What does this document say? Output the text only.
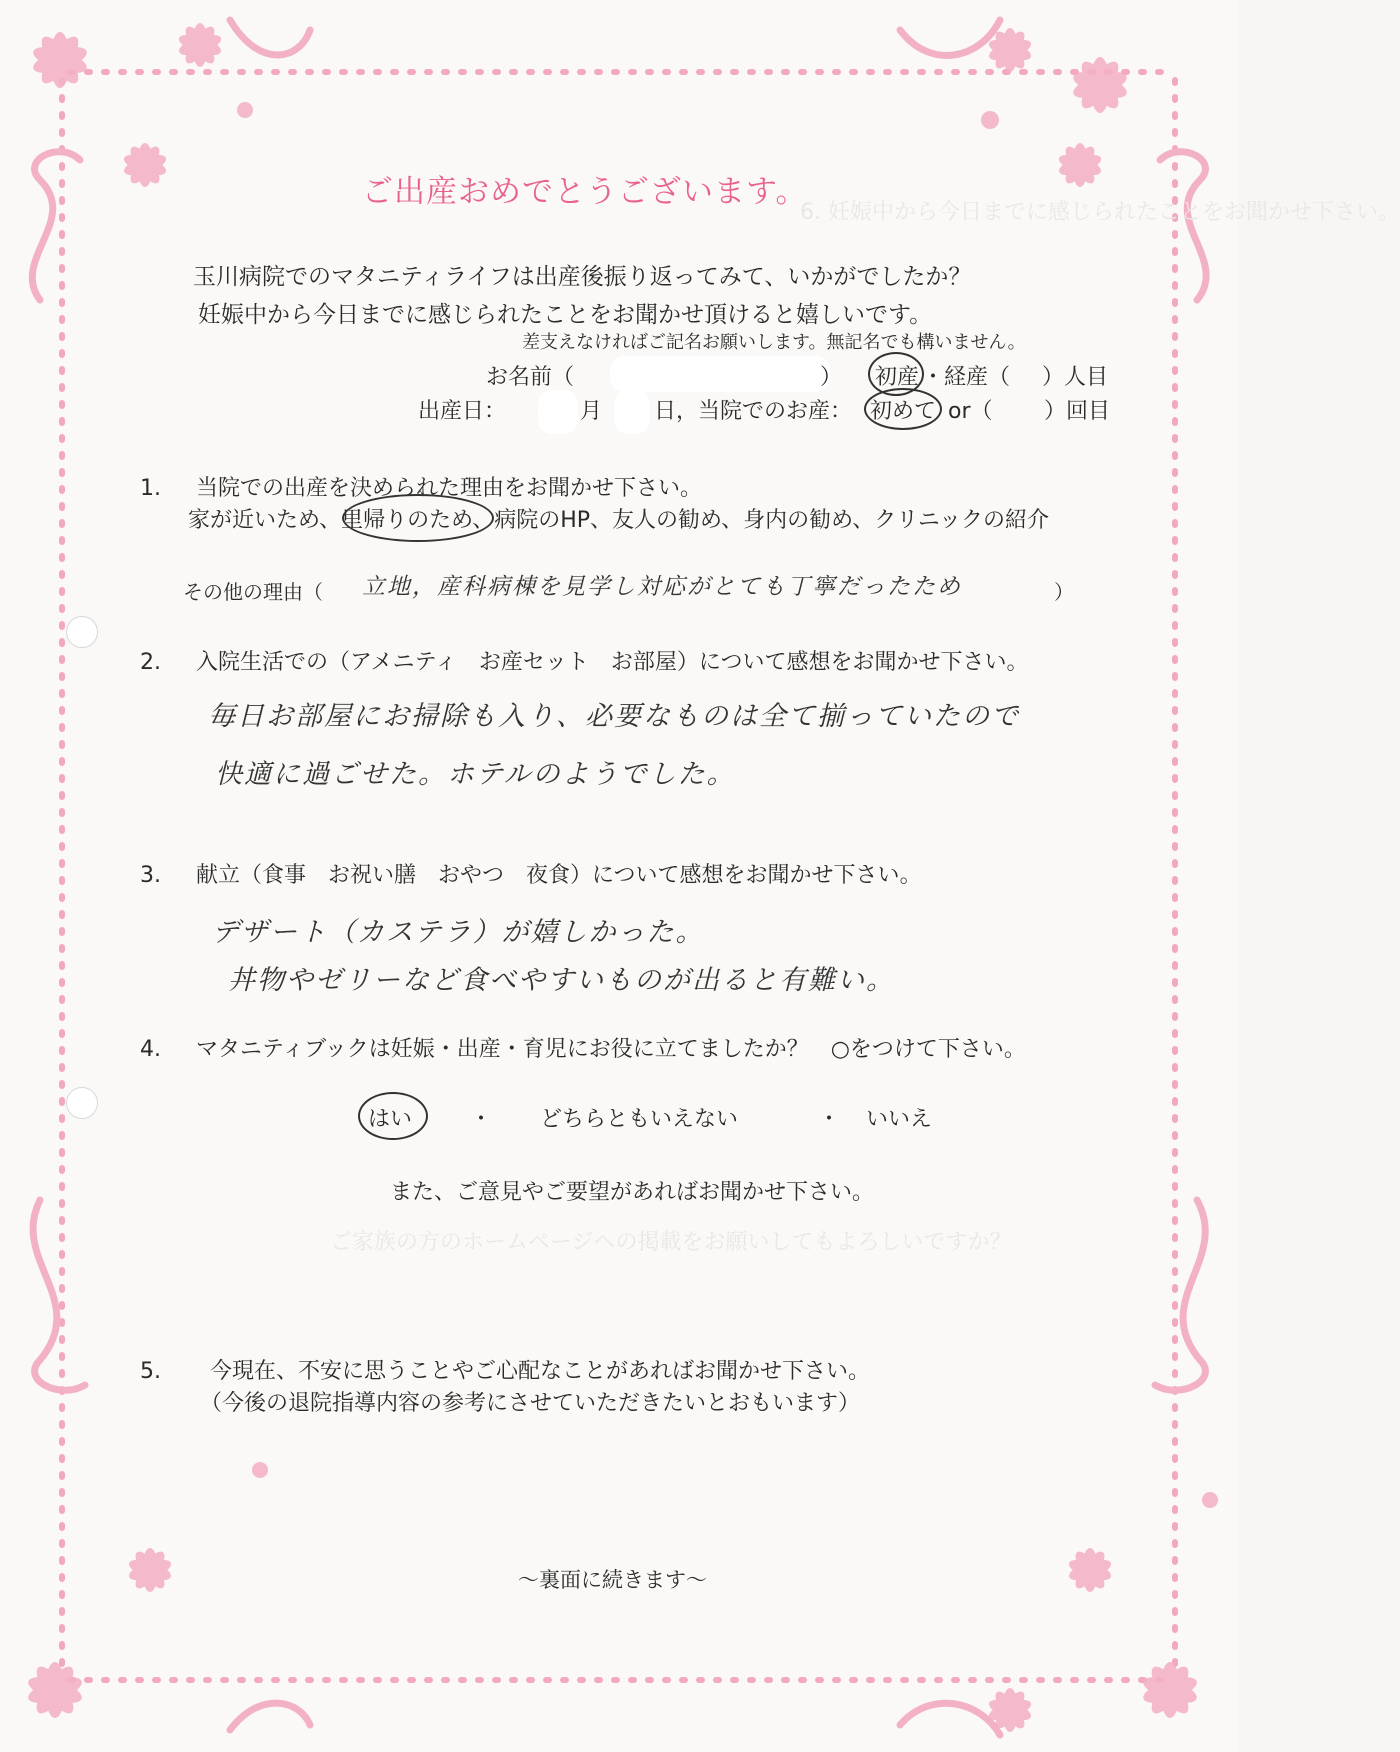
6. 妊娠中から今日までに感じられたことをお聞かせ下さい。
ご家族の方のホームページへの掲載をお願いしてもよろしいですか？
ご出産おめでとうございます。
玉川病院でのマタニティライフは出産後振り返ってみて、いかがでしたか？
妊娠中から今日までに感じられたことをお聞かせ頂けると嬉しいです。
差支えなければご記名お願いします。無記名でも構いません。
お名前（	） 初産 ・経産（ ）人目
出産日：	月 日，当院でのお産： 初めて or（ ）回目
1. 当院での出産を決められた理由をお聞かせ下さい。
家が近いため、里帰りのため、病院のHP、友人の勧め、身内の勧め、クリニックの紹介
その他の理由（ 立地，産科病棟を見学し対応がとても丁寧だったため	）
2. 入院生活での（アメニティ　お産セット　お部屋）について感想をお聞かせ下さい。
毎日お部屋にお掃除も入り、必要なものは全て揃っていたので
快適に過ごせた。ホテルのようでした。
3. 献立（食事　お祝い膳　おやつ　夜食）について感想をお聞かせ下さい。
デザート（カステラ）が嬉しかった。
丼物やゼリーなど食べやすいものが出ると有難い。
4. マタニティブックは妊娠・出産・育児にお役に立てましたか？　○をつけて下さい。
はい	・ どちらともいえない	・ いいえ
また、ご意見やご要望があればお聞かせ下さい。
5. 今現在、不安に思うことやご心配なことがあればお聞かせ下さい。
（今後の退院指導内容の参考にさせていただきたいとおもいます）
～裏面に続きます～
